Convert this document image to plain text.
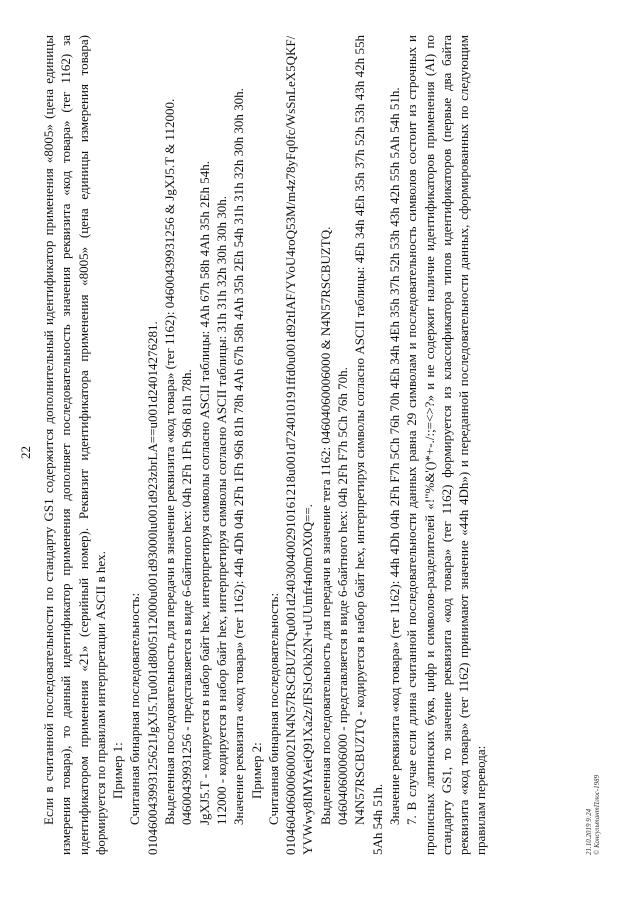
22 Если в считанной последовательности по стандарту GS1 содержится дополнительный идентификатор применения «8005» (цена единицы измерения товара), то данный идентификатор применения дополняет последовательность значения реквизита «код товара» (тег 1162) за идентификатором применения «21» (серийный номер). Реквизит идентификатора применения «8005» (цена единицы измерения товара) формируется по правилам интерпретации ASCII в hex. Пример 1: Считанная бинарная последовательность: 010460043993125621JgXJ5.Tu001d8005112000u001d93000lu001d923zbrLA==u001d24014276281. Выделенная последовательность для передачи в значение реквизита «код товара» (тег 1162): 04600439931256 & JgXJ5.T & 112000. 04600439931256 - представляется в виде 6-байтного hex: 04h 2Fh 1Fh 96h 81h 78h. JgXJ5.T - кодируется в набор байт hex, интерпретируя символы согласно ASCII таблицы: 4Ah 67h 58h 4Ah 35h 2Eh 54h. 112000 - кодируется в набор байт hex, интерпретируя символы согласно ASCII таблицы: 31h 31h 32h 30h 30h 30h. Значение реквизита «код товара» (тег 1162): 44h 4Dh 04h 2Fh 1Fh 96h 81h 78h 4Ah 67h 58h 4Ah 35h 2Eh 54h 31h 31h 32h 30h 30h 30h. Пример 2: Считанная бинарная последовательность: 010460406000600021N4N57RSCBUZTQu001d2403004002910161218u001d724010191ffd0u001d92tIAF/YVoU4roQ53M/m4z78yFq0fc/WsSnLeX5QKF/YVWwy8IMYAeiQ91Xa2z/IFSJcOkb2N+uUUmfr4n0mOX0Q==. Выделенная последовательность для передачи в значение тега 1162: 04604060006000 & N4N57RSCBUZTQ. 04604060006000 - представляется в виде 6-байтного hex: 04h 2Fh F7h 5Ch 76h 70h. N4N57RSCBUZTQ - кодируется в набор байт hex, интерпретируя символы согласно ASCII таблицы: 4Eh 34h 4Eh 35h 37h 52h 53h 43h 42h 55h 5Ah 54h 51h. Значение реквизита «код товара» (тег 1162): 44h 4Dh 04h 2Fh F7h 5Ch 76h 70h 4Eh 34h 4Eh 35h 37h 52h 53h 43h 42h 55h 5Ah 54h 51h. 7. В случае если длина считанной последовательности данных равна 29 символам и последовательность символов состоит из строчных и прописных латинских букв, цифр и символов-разделителей «!"%&'()*+-./:;=<>?» и не содержит наличие идентификаторов применения (AI) по стандарту GS1, то значение реквизита «код товара» (тег 1162) формируется из классификатора типов идентификаторов (первые два байта реквизита «код товара» (тег 1162) принимают значение «44h 4Dh») и переданной последовательности данных, сформированных по следующим правилам перевода:	21.10.2019 9:24 © КонсультантПлюс-1989
